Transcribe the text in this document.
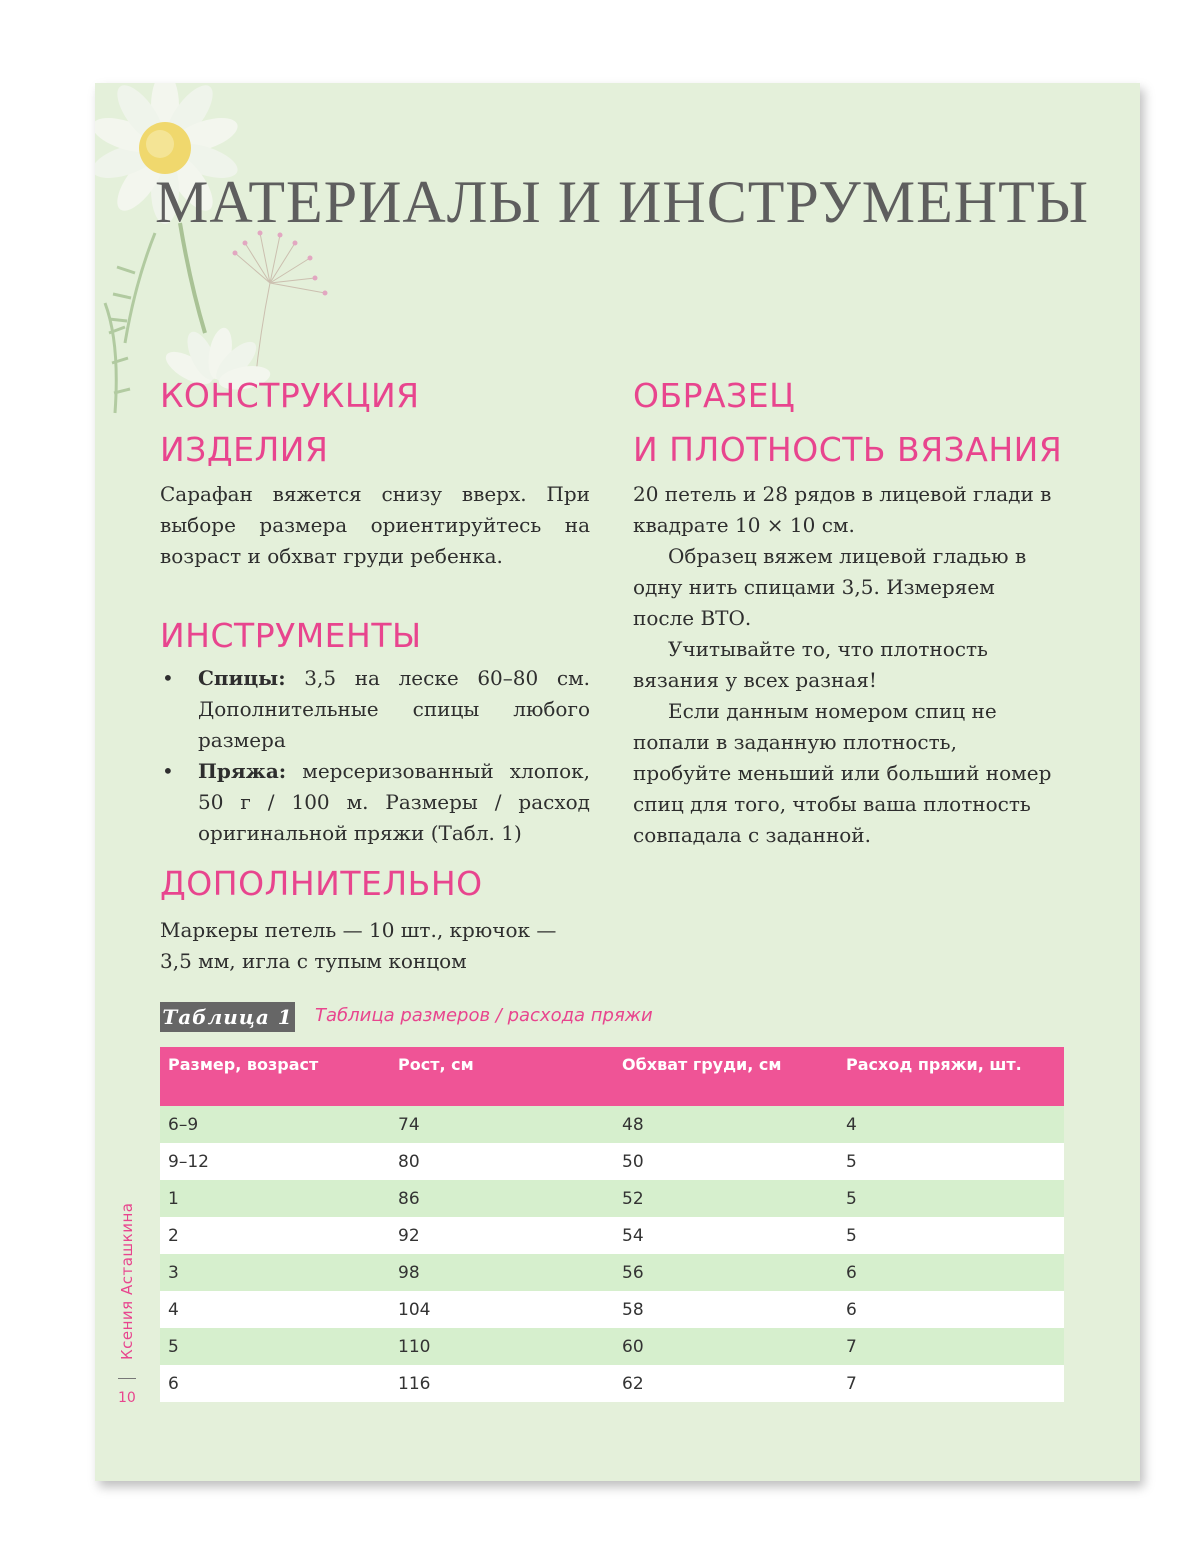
МАТЕРИАЛЫ И ИНСТРУМЕНТЫ
КОНСТРУКЦИЯ
ИЗДЕЛИЯ

Сарафан вяжется снизу вверх. При выборе размера ориентируйтесь на возраст и обхват груди ребенка.

ИНСТРУМЕНТЫ
• Спицы: 3,5 на леске 60–80 см. Дополнительные спицы любого размера
• Пряжа: мерсеризованный хлопок, 50 г / 100 м. Размеры / расход оригинальной пряжи (Табл. 1)
ДОПОЛНИТЕЛЬНО

Маркеры петель — 10 шт., крючок — 3,5 мм, игла с тупым концом

ОБРАЗЕЦ
И ПЛОТНОСТЬ ВЯЗАНИЯ

20 петель и 28 рядов в лицевой глади в квадрате 10 × 10 см.

Образец вяжем лицевой гладью в одну нить спицами 3,5. Измеряем после ВТО.

Учитывайте то, что плотность вязания у всех разная!

Если данным номером спиц не попали в заданную плотность, пробуйте меньший или больший номер спиц для того, чтобы ваша плотность совпадала с заданной.

Таблица 1 Таблица размеров / расхода пряжи
Размер, возраст	Рост, см	Обхват груди, см	Расход пряжи, шт.
6–9	74	48	4
9–12	80	50	5
1	86	52	5
2	92	54	5
3	98	56	6
4	104	58	6
5	110	60	7
6	116	62	7
Ксения Асташкина
10
